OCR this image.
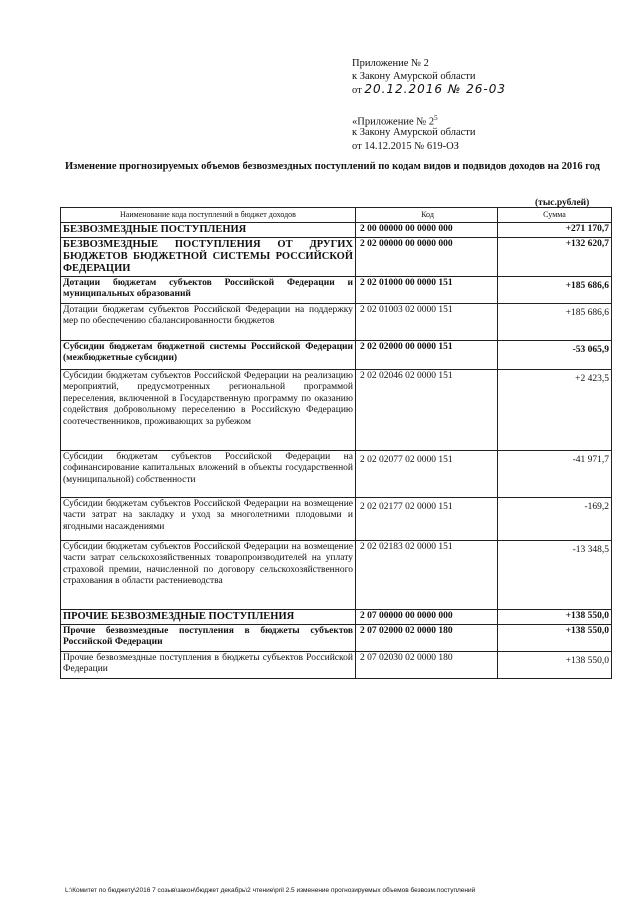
Приложение № 2
к Закону Амурской области
от 20.12.2016 № 26-03
«Приложение № $2^5$
к Закону Амурской области
от 14.12.2015 № 619-ОЗ
Изменение прогнозируемых объемов безвозмездных поступлений по кодам видов и подвидов доходов на 2016 год
(тыс.рублей)
Наименование кода поступлений в бюджет доходов	Код	Сумма
БЕЗВОЗМЕЗДНЫЕ ПОСТУПЛЕНИЯ	2 00 00000 00 0000 000	+271 170,7
БЕЗВОЗМЕЗДНЫЕ ПОСТУПЛЕНИЯ ОТ ДРУГИХ БЮДЖЕТОВ БЮДЖЕТНОЙ СИСТЕМЫ РОССИЙСКОЙ ФЕДЕРАЦИИ	2 02 00000 00 0000 000	+132 620,7
Дотации бюджетам субъектов Российской Федерации и муниципальных образований	2 02 01000 00 0000 151	+185 686,6
Дотации бюджетам субъектов Российской Федерации на поддержку мер по обеспечению сбалансированности бюджетов	2 02 01003 02 0000 151	+185 686,6
Субсидии бюджетам бюджетной системы Российской Федерации (межбюджетные субсидии)	2 02 02000 00 0000 151	-53 065,9
Субсидии бюджетам субъектов Российской Федерации на реализацию мероприятий, предусмотренных региональной программой переселения, включенной в Государственную программу по оказанию содействия добровольному переселению в Российскую Федерацию соотечественников, проживающих за рубежом	2 02 02046 02 0000 151	+2 423,5
Субсидии бюджетам субъектов Российской Федерации на софинансирование капитальных вложений в объекты государственной (муниципальной) собственности	2 02 02077 02 0000 151	-41 971,7
Субсидии бюджетам субъектов Российской Федерации на возмещение части затрат на закладку и уход за многолетними плодовыми и ягодными насаждениями	2 02 02177 02 0000 151	-169,2
Субсидии бюджетам субъектов Российской Федерации на возмещение части затрат сельскохозяйственных товаропроизводителей на уплату страховой премии, начисленной по договору сельскохозяйственного страхования в области растениеводства	2 02 02183 02 0000 151	-13 348,5
ПРОЧИЕ БЕЗВОЗМЕЗДНЫЕ ПОСТУПЛЕНИЯ	2 07 00000 00 0000 000	+138 550,0
Прочие безвозмездные поступления в бюджеты субъектов Российской Федерации	2 07 02000 02 0000 180	+138 550,0
Прочие безвозмездные поступления в бюджеты субъектов Российской Федерации	2 07 02030 02 0000 180	+138 550,0
L:\Комитет по бюджету\2016 7 созыв\закон\бюджет декабрь\2 чтение\pril 2.5 изменение прогнозируемых объемов безвозм.поступлений
